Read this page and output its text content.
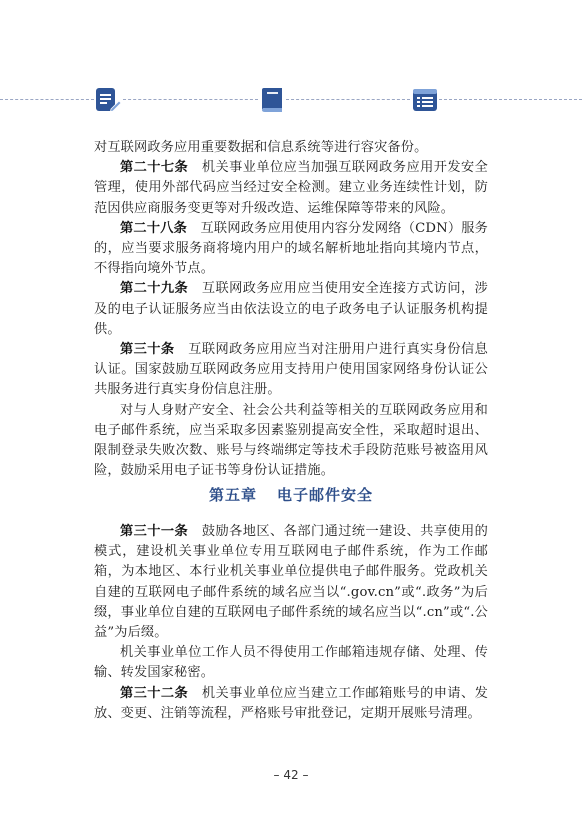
对互联网政务应用重要数据和信息系统等进行容灾备份。

第二十七条　 机关事业单位应当加强互联网政务应用开发安全管理，使用外部代码应当经过安全检测。建立业务连续性计划，防范因供应商服务变更等对升级改造、运维保障等带来的风险。

第二十八条　 互联网政务应用使用内容分发网络（CDN）服务的，应当要求服务商将境内用户的域名解析地址指向其境内节点，不得指向境外节点。

第二十九条　 互联网政务应用应当使用安全连接方式访问，涉及的电子认证服务应当由依法设立的电子政务电子认证服务机构提供。

第三十条　 互联网政务应用应当对注册用户进行真实身份信息认证。国家鼓励互联网政务应用支持用户使用国家网络身份认证公共服务进行真实身份信息注册。

对与人身财产安全、社会公共利益等相关的互联网政务应用和电子邮件系统，应当采取多因素鉴别提高安全性，采取超时退出、限制登录失败次数、账号与终端绑定等技术手段防范账号被盗用风险，鼓励采用电子证书等身份认证措施。

第五章 电子邮件安全

第三十一条　 鼓励各地区、各部门通过统一建设、共享使用的模式，建设机关事业单位专用互联网电子邮件系统，作为工作邮箱，为本地区、本行业机关事业单位提供电子邮件服务。党政机关自建的互联网电子邮件系统的域名应当以“.gov.cn”或“.政务”为后缀，事业单位自建的互联网电子邮件系统的域名应当以“.cn”或“.公益”为后缀。

机关事业单位工作人员不得使用工作邮箱违规存储、处理、传输、转发国家秘密。

第三十二条　 机关事业单位应当建立工作邮箱账号的申请、发放、变更、注销等流程，严格账号审批登记，定期开展账号清理。

– 42 –
